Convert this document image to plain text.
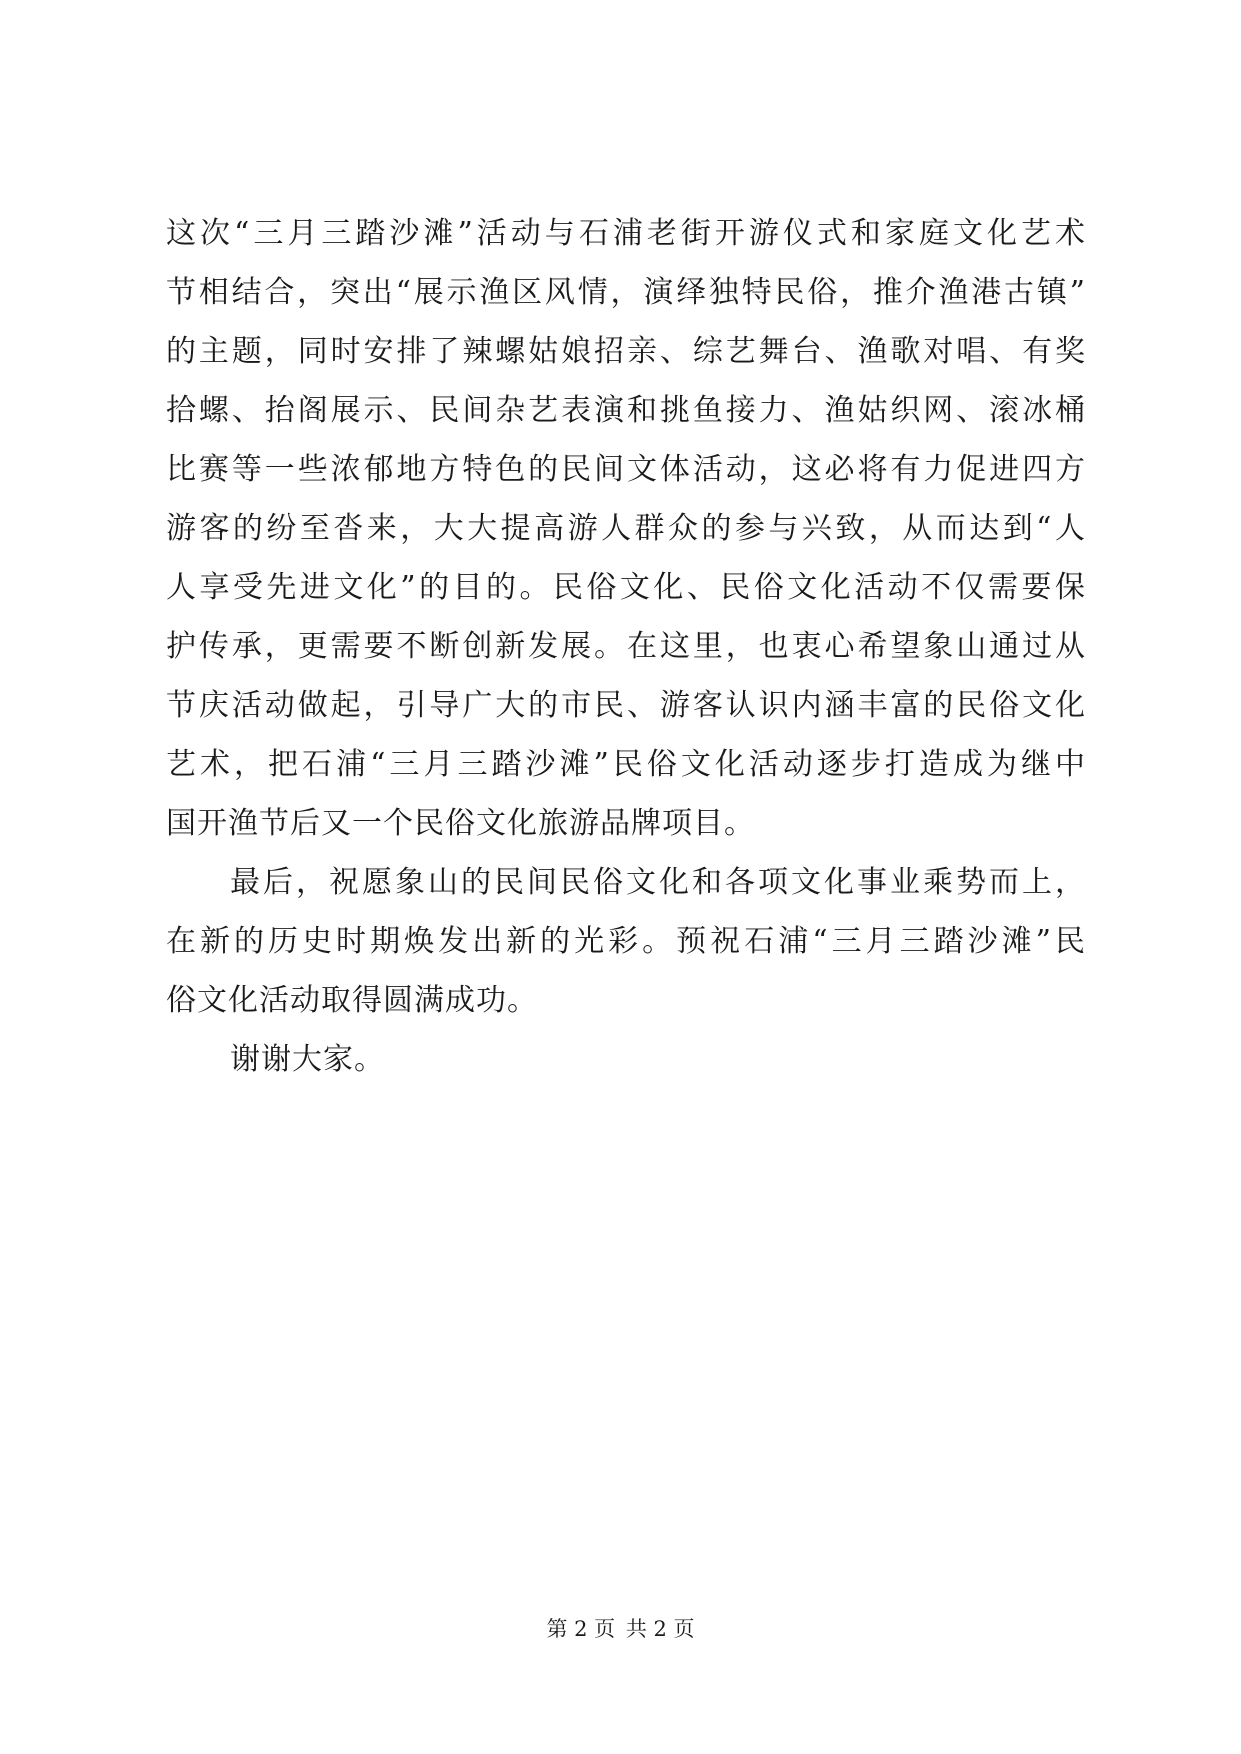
这次“三月三踏沙滩”活动与石浦老街开游仪式和家庭文化艺术
节相结合，突出“展示渔区风情，演绎独特民俗，推介渔港古镇”
的主题，同时安排了辣螺姑娘招亲、综艺舞台、渔歌对唱、有奖
拾螺、抬阁展示、民间杂艺表演和挑鱼接力、渔姑织网、滚冰桶
比赛等一些浓郁地方特色的民间文体活动，这必将有力促进四方
游客的纷至沓来，大大提高游人群众的参与兴致，从而达到“人
人享受先进文化”的目的。民俗文化、民俗文化活动不仅需要保
护传承，更需要不断创新发展。在这里，也衷心希望象山通过从
节庆活动做起，引导广大的市民、游客认识内涵丰富的民俗文化
艺术，把石浦“三月三踏沙滩”民俗文化活动逐步打造成为继中
国开渔节后又一个民俗文化旅游品牌项目。
最后，祝愿象山的民间民俗文化和各项文化事业乘势而上，
在新的历史时期焕发出新的光彩。预祝石浦“三月三踏沙滩”民
俗文化活动取得圆满成功。
谢谢大家。
第 2 页 共 2 页
